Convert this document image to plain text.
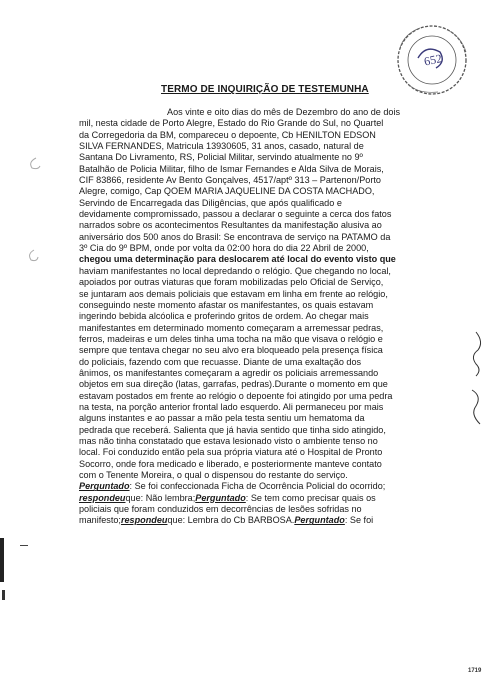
652
TERMO DE INQUIRIÇÃO DE TESTEMUNHA
Aos vinte e oito dias do mês de Dezembro do ano de dois
mil, nesta cidade de Porto Alegre, Estado do Rio Grande do Sul, no Quartel
da Corregedoria da BM, compareceu o depoente, Cb HENILTON EDSON
SILVA FERNANDES, Matricula 13930605, 31 anos, casado, natural de
Santana Do Livramento, RS, Policial Militar, servindo atualmente no 9º
Batalhão de Policia Militar, filho de Ismar Fernandes e Alda Silva de Morais,
CIF 83866, residente Av Bento Gonçalves, 4517/aptº 313 – Partenon/Porto
Alegre, comigo, Cap QOEM MARIA JAQUELINE DA COSTA MACHADO,
Servindo de Encarregada das Diligências, que após qualificado e
devidamente compromissado, passou a declarar o seguinte a cerca dos fatos
narrados sobre os acontecimentos Resultantes da manifestação alusiva ao
aniversário dos 500 anos do Brasil: Se encontrava de serviço na PATAMO da
3º Cia do 9º BPM, onde por volta da 02:00 hora do dia 22 Abril de 2000,
chegou uma determinação para deslocarem até local do evento visto que
haviam manifestantes no local depredando o relógio. Que chegando no local,
apoiados por outras viaturas que foram mobilizadas pelo Oficial de Serviço,
se juntaram aos demais policiais que estavam em linha em frente ao relógio,
conseguindo neste momento afastar os manifestantes, os quais estavam
ingerindo bebida alcóolica e proferindo gritos de ordem. Ao chegar mais
manifestantes em determinado momento começaram a arremessar pedras,
ferros, madeiras e um deles tinha uma tocha na mão que visava o relógio e
sempre que tentava chegar no seu alvo era bloqueado pela presença física
do policiais, fazendo com que recuasse. Diante de uma exaltação dos
ânimos, os manifestantes começaram a agredir os policiais arremessando
objetos em sua direção (latas, garrafas, pedras).Durante o momento em que
estavam postados em frente ao relógio o depoente foi atingido por uma pedra
na testa, na porção anterior frontal lado esquerdo. Ali permaneceu por mais
alguns instantes e ao passar a mão pela testa sentiu um hematoma da
pedrada que receberá. Salienta que já havia sentido que tinha sido atingido,
mas não tinha constatado que estava lesionado visto o ambiente tenso no
local. Foi conduzido então pela sua própria viatura até o Hospital de Pronto
Socorro, onde fora medicado e liberado, e posteriormente manteve contato
com o Tenente Moreira, o qual o dispensou do restante do serviço.
Perguntado : Se foi confeccionada Ficha de Ocorrência Policial do ocorrido;
respondeu que: Não lembra; Perguntado : Se tem como precisar quais os
policiais que foram conduzidos em decorrências de lesões sofridas no
manifesto; respondeu que: Lembra do Cb BARBOSA. Perguntado : Se foi
1719
